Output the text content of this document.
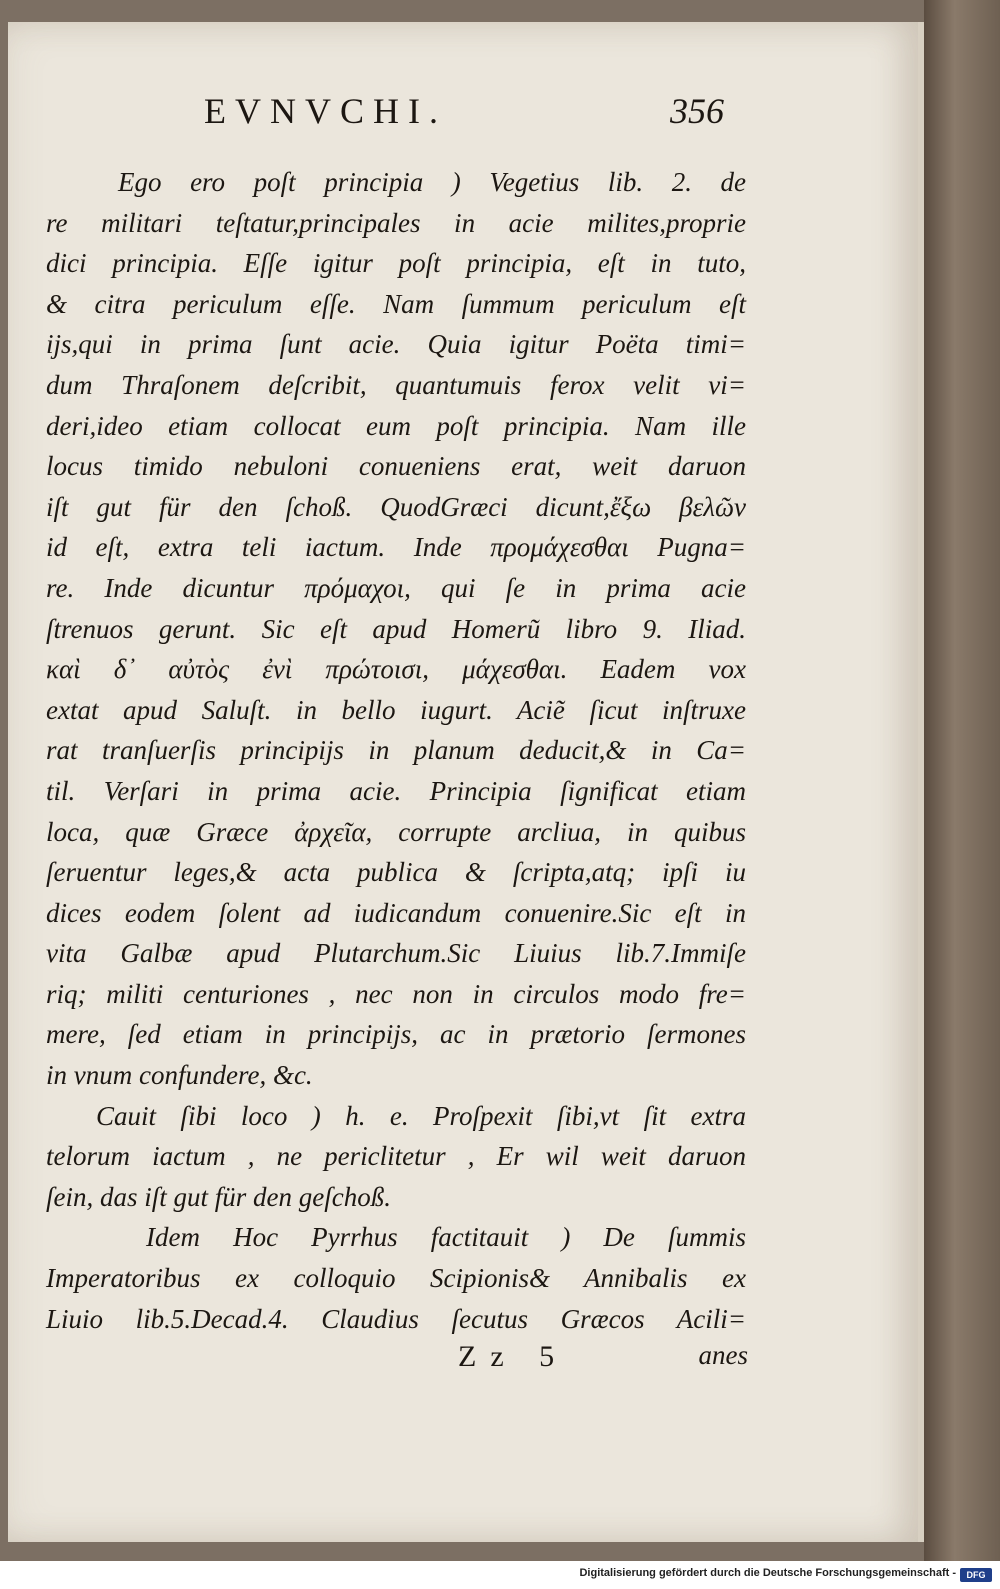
EVNVCHI.	356
Ego ero poſt principia ) Vegetius lib. 2. de
re militari teſtatur,principales in acie milites,proprie
dici principia. Eſſe igitur poſt principia, eſt in tuto,
& citra periculum eſſe. Nam ſummum periculum eſt
ijs,qui in prima ſunt acie. Quia igitur Poëta timi=
dum Thraſonem deſcribit, quantumuis ferox velit vi=
deri,ideo etiam collocat eum poſt principia. Nam ille
locus timido nebuloni conueniens erat, weit daruon
iſt gut für den ſchoß. QuodGræci dicunt,ἔξω βελῶν
id eſt, extra teli iactum. Inde προμάχεσθαι Pugna=
re. Inde dicuntur πρόμαχοι, qui ſe in prima acie
ſtrenuos gerunt. Sic eſt apud Homerũ libro 9. Iliad.
καὶ δ᾽ αὐτὸς ἐνὶ πρώτοισι, μάχεσθαι. Eadem vox
extat apud Saluſt. in bello iugurt. Aciẽ ſicut inſtruxe
rat tranſuerſis principijs in planum deducit,& in Ca=
til. Verſari in prima acie. Principia ſignificat etiam
loca, quæ Græce ἀρχεῖα, corrupte arcliua, in quibus
ſeruentur leges,& acta publica & ſcripta,atq; ipſi iu
dices eodem ſolent ad iudicandum conuenire.Sic eſt in
vita Galbæ apud Plutarchum.Sic Liuius lib.7.Immiſe
riq; militi centuriones , nec non in circulos modo fre=
mere, ſed etiam in principijs, ac in prætorio ſermones
in vnum confundere, &c.
Cauit ſibi loco ) h. e. Proſpexit ſibi,vt ſit extra
telorum iactum , ne periclitetur , Er wil weit daruon
ſein, das iſt gut für den geſchoß.
Idem Hoc Pyrrhus factitauit ) De ſummis
Imperatoribus ex colloquio Scipionis& Annibalis ex
Liuio lib.5.Decad.4. Claudius ſecutus Græcos Acili=
Zz 5	anes
Digitalisierung gefördert durch die Deutsche Forschungsgemeinschaft -	DFG
